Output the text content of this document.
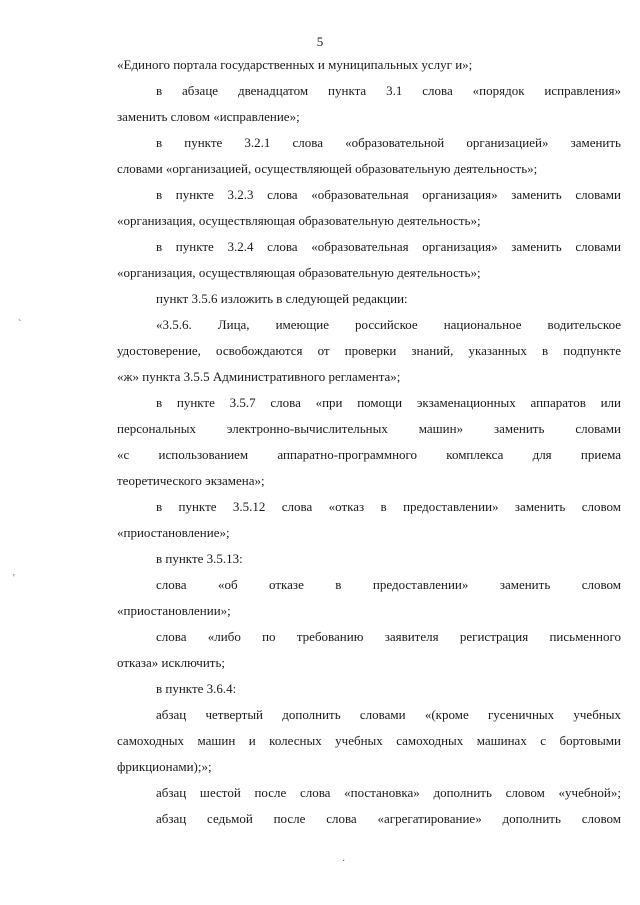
5
«Единого портала государственных и муниципальных услуг и»;
в абзаце двенадцатом пункта 3.1 слова «порядок исправления»
заменить словом «исправление»;
в пункте 3.2.1 слова «образовательной организацией» заменить
словами «организацией, осуществляющей образовательную деятельность»;
в пункте 3.2.3 слова «образовательная организация» заменить словами
«организация, осуществляющая образовательную деятельность»;
в пункте 3.2.4 слова «образовательная организация» заменить словами
«организация, осуществляющая образовательную деятельность»;
пункт 3.5.6 изложить в следующей редакции:
«3.5.6. Лица, имеющие российское национальное водительское
удостоверение, освобождаются от проверки знаний, указанных в подпункте
«ж» пункта 3.5.5 Административного регламента»;
в пункте 3.5.7 слова «при помощи экзаменационных аппаратов или
персональных электронно-вычислительных машин» заменить словами
«с использованием аппаратно-программного комплекса для приема
теоретического экзамена»;
в пункте 3.5.12 слова «отказ в предоставлении» заменить словом
«приостановление»;
в пункте 3.5.13:
слова «об отказе в предоставлении» заменить словом
«приостановлении»;
слова «либо по требованию заявителя регистрация письменного
отказа» исключить;
в пункте 3.6.4:
абзац четвертый дополнить словами «(кроме гусеничных учебных
самоходных машин и колесных учебных самоходных машинах с бортовыми
фрикционами);»;
абзац шестой после слова «постановка» дополнить словом «учебной»;
абзац седьмой после слова «агрегатирование» дополнить словом
`
'
·
